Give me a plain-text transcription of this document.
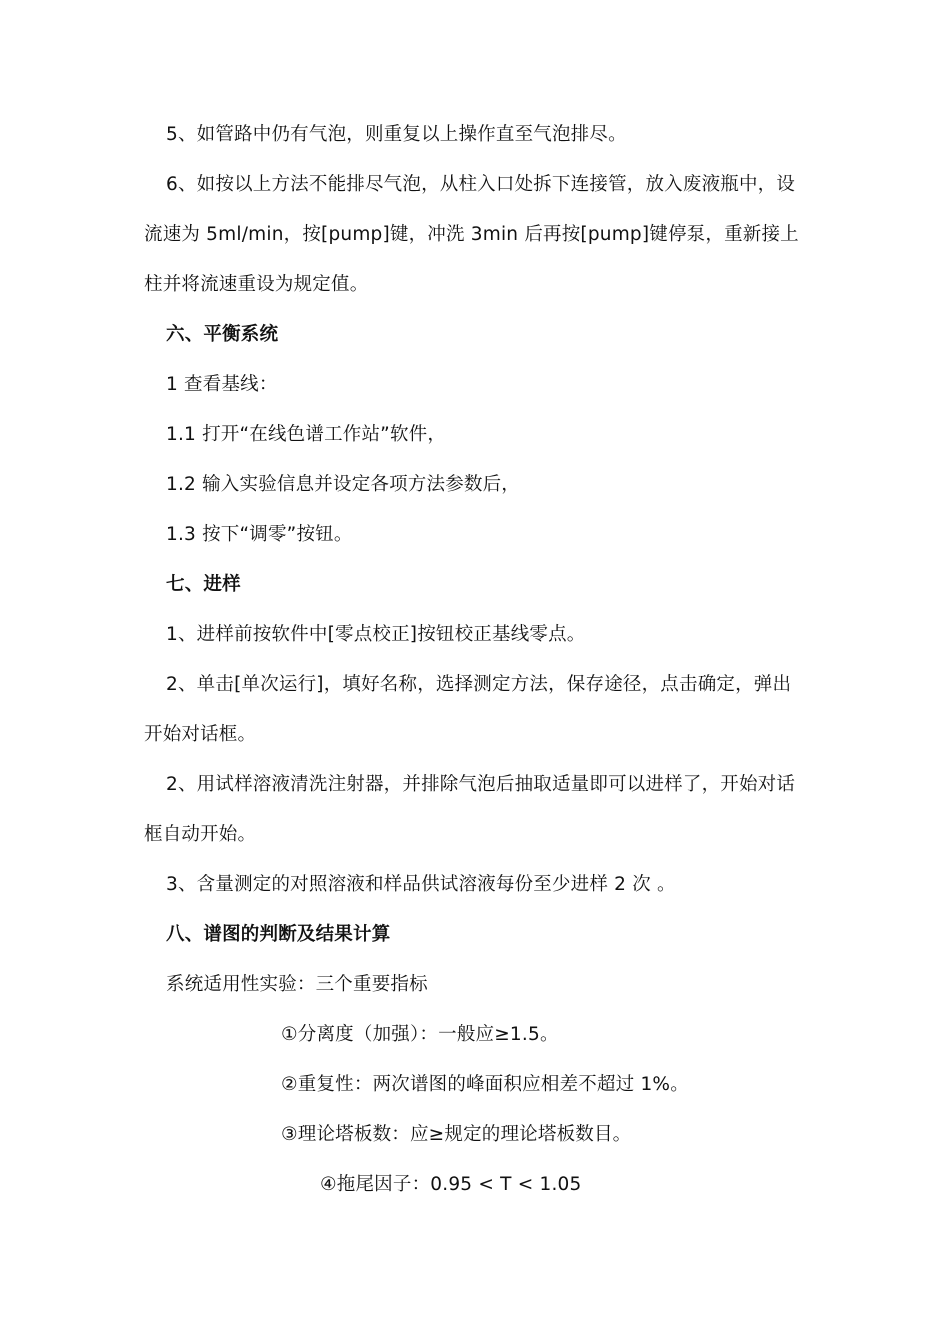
5、如管路中仍有气泡，则重复以上操作直至气泡排尽。
6、如按以上方法不能排尽气泡，从柱入口处拆下连接管，放入废液瓶中，设
流速为 5ml/min，按[pump]键，冲洗 3min 后再按[pump]键停泵，重新接上
柱并将流速重设为规定值。
六、平衡系统
1 查看基线：
1.1 打开“在线色谱工作站”软件，
1.2 输入实验信息并设定各项方法参数后，
1.3 按下“调零”按钮。
七、进样
1、进样前按软件中[零点校正]按钮校正基线零点。
2、单击[单次运行]，填好名称，选择测定方法，保存途径，点击确定，弹出
开始对话框。
2、用试样溶液清洗注射器，并排除气泡后抽取适量即可以进样了，开始对话
框自动开始。
3、含量测定的对照溶液和样品供试溶液每份至少进样 2 次 。
八、谱图的判断及结果计算
系统适用性实验：三个重要指标
①分离度（加强）：一般应≥1.5。
②重复性：两次谱图的峰面积应相差不超过 1%。
③理论塔板数：应≥规定的理论塔板数目。
④拖尾因子：0.95 < T < 1.05
